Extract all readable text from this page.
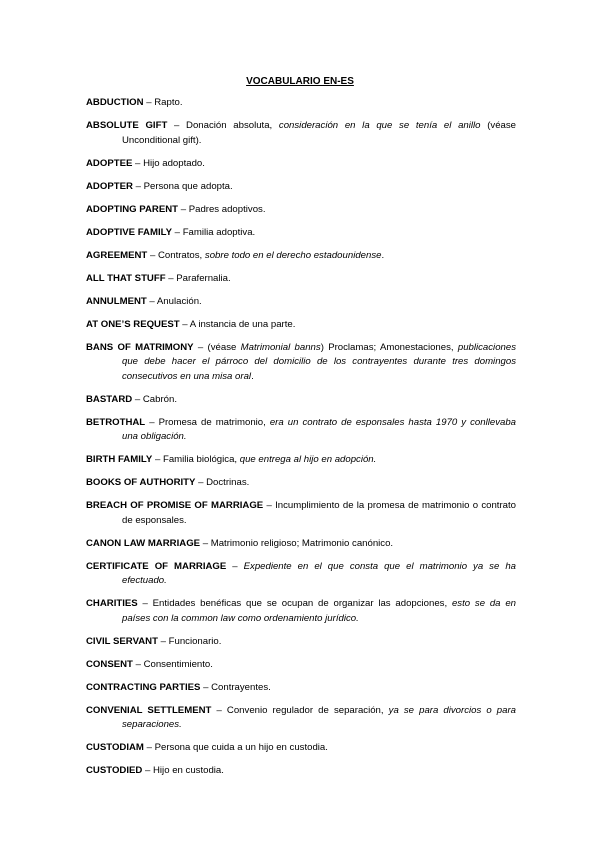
VOCABULARIO EN-ES

ABDUCTION – Rapto.

ABSOLUTE GIFT – Donación absoluta, consideración en la que se tenía el anillo (véase Unconditional gift).

ADOPTEE – Hijo adoptado.

ADOPTER – Persona que adopta.

ADOPTING PARENT – Padres adoptivos.

ADOPTIVE FAMILY – Familia adoptiva.

AGREEMENT – Contratos, sobre todo en el derecho estadounidense.

ALL THAT STUFF – Parafernalia.

ANNULMENT – Anulación.

AT ONE’S REQUEST – A instancia de una parte.

BANS OF MATRIMONY – (véase Matrimonial banns) Proclamas; Amonestaciones, publicaciones que debe hacer el párroco del domicilio de los contrayentes durante tres domingos consecutivos en una misa oral.

BASTARD – Cabrón.

BETROTHAL – Promesa de matrimonio, era un contrato de esponsales hasta 1970 y conllevaba una obligación.

BIRTH FAMILY – Familia biológica, que entrega al hijo en adopción.

BOOKS OF AUTHORITY – Doctrinas.

BREACH OF PROMISE OF MARRIAGE – Incumplimiento de la promesa de matrimonio o contrato de esponsales.

CANON LAW MARRIAGE – Matrimonio religioso; Matrimonio canónico.

CERTIFICATE OF MARRIAGE – Expediente en el que consta que el matrimonio ya se ha efectuado.

CHARITIES – Entidades benéficas que se ocupan de organizar las adopciones, esto se da en países con la common law como ordenamiento jurídico.

CIVIL SERVANT – Funcionario.

CONSENT – Consentimiento.

CONTRACTING PARTIES – Contrayentes.

CONVENIAL SETTLEMENT – Convenio regulador de separación, ya se para divorcios o para separaciones.

CUSTODIAM – Persona que cuida a un hijo en custodia.

CUSTODIED – Hijo en custodia.
